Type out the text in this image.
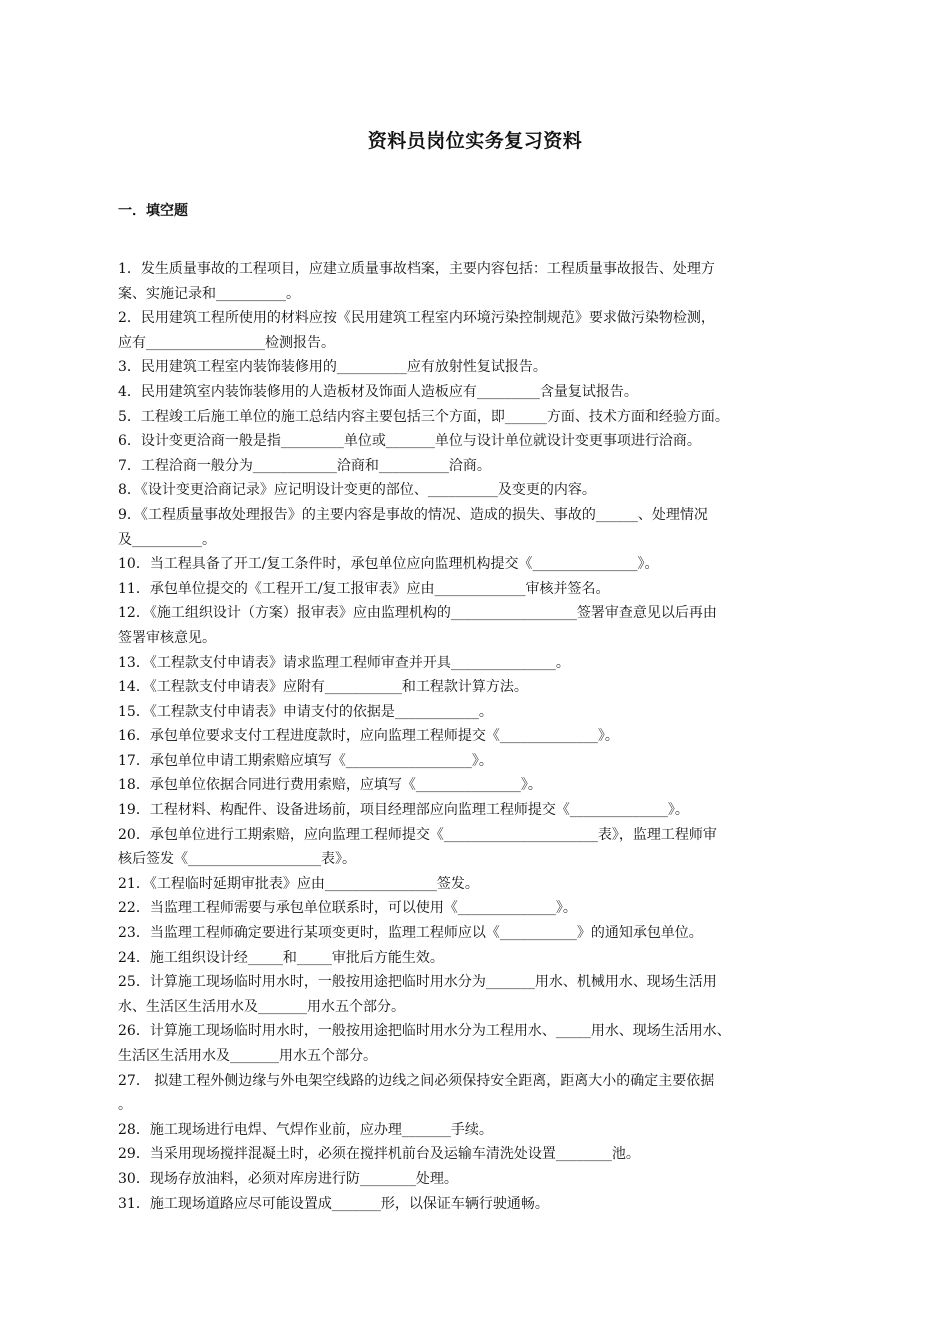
资料员岗位实务复习资料
一．填空题
1．发生质量事故的工程项目，应建立质量事故档案，主要内容包括：工程质量事故报告、处理方
案、实施记录和__________。
2．民用建筑工程所使用的材料应按《民用建筑工程室内环境污染控制规范》要求做污染物检测，
应有_________________检测报告。
3．民用建筑工程室内装饰装修用的__________应有放射性复试报告。
4．民用建筑室内装饰装修用的人造板材及饰面人造板应有_________含量复试报告。
5．工程竣工后施工单位的施工总结内容主要包括三个方面，即______方面、技术方面和经验方面。
6．设计变更洽商一般是指_________单位或_______单位与设计单位就设计变更事项进行洽商。
7．工程洽商一般分为____________洽商和__________洽商。
8．《设计变更洽商记录》应记明设计变更的部位、__________及变更的内容。
9．《工程质量事故处理报告》的主要内容是事故的情况、造成的损失、事故的______、处理情况
及__________。
10．当工程具备了开工/复工条件时，承包单位应向监理机构提交《_______________》。
11．承包单位提交的《工程开工/复工报审表》应由_____________审核并签名。
12．《施工组织设计（方案）报审表》应由监理机构的__________________签署审查意见以后再由
签署审核意见。
13．《工程款支付申请表》请求监理工程师审查并开具_______________。
14．《工程款支付申请表》应附有___________和工程款计算方法。
15．《工程款支付申请表》申请支付的依据是____________。
16．承包单位要求支付工程进度款时，应向监理工程师提交《______________》。
17．承包单位申请工期索赔应填写《__________________》。
18．承包单位依据合同进行费用索赔，应填写《_______________》。
19．工程材料、构配件、设备进场前，项目经理部应向监理工程师提交《______________》。
20．承包单位进行工期索赔，应向监理工程师提交《______________________表》，监理工程师审
核后签发《___________________表》。
21．《工程临时延期审批表》应由________________签发。
22．当监理工程师需要与承包单位联系时，可以使用《______________》。
23．当监理工程师确定要进行某项变更时，监理工程师应以《___________》的通知承包单位。
24．施工组织设计经_____和_____审批后方能生效。
25．计算施工现场临时用水时，一般按用途把临时用水分为_______用水、机械用水、现场生活用
水、生活区生活用水及_______用水五个部分。
26．计算施工现场临时用水时，一般按用途把临时用水分为工程用水、_____用水、现场生活用水、
生活区生活用水及_______用水五个部分。
27． 拟建工程外侧边缘与外电架空线路的边线之间必须保持安全距离，距离大小的确定主要依据
。
28．施工现场进行电焊、气焊作业前，应办理_______手续。
29．当采用现场搅拌混凝土时，必须在搅拌机前台及运输车清洗处设置________池。
30．现场存放油料，必须对库房进行防________处理。
31．施工现场道路应尽可能设置成_______形，以保证车辆行驶通畅。
